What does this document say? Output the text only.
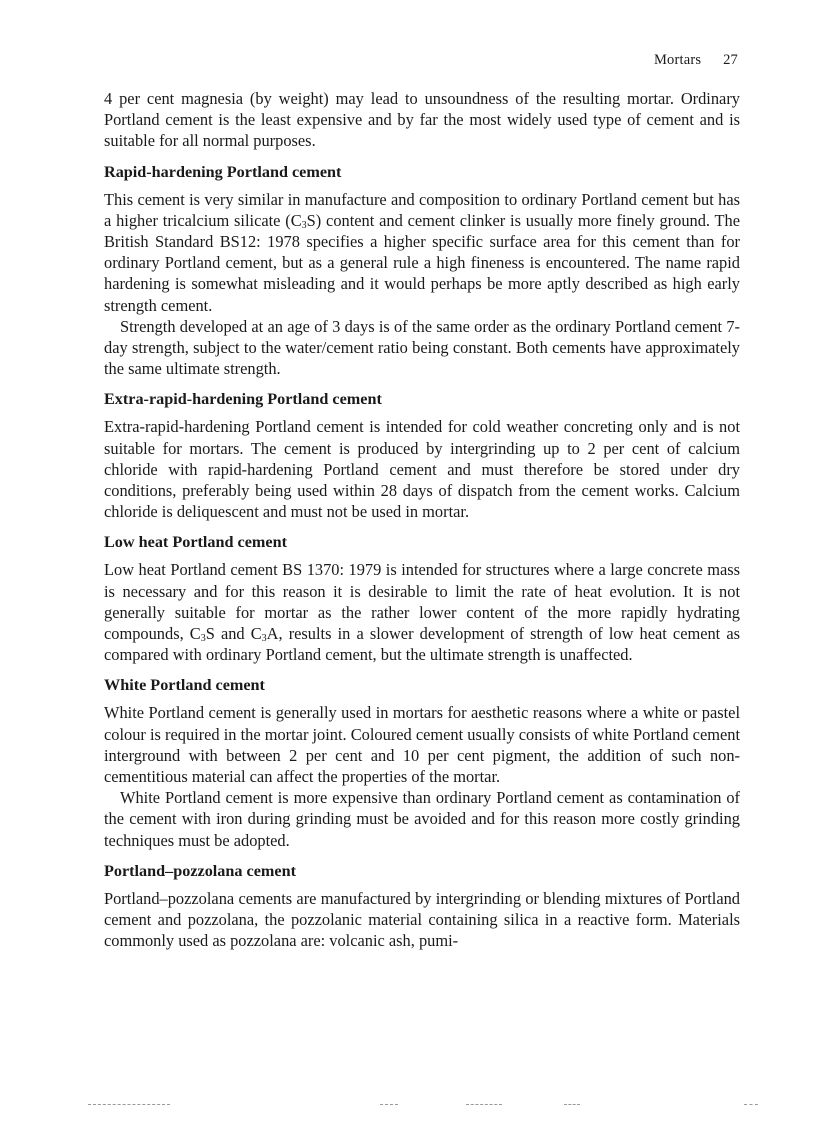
Mortars 27

4 per cent magnesia (by weight) may lead to unsoundness of the resulting mortar. Ordinary Portland cement is the least expensive and by far the most widely used type of cement and is suitable for all normal purposes.

Rapid-hardening Portland cement

This cement is very similar in manufacture and composition to ordinary Portland cement but has a higher tricalcium silicate $(C_3S)$ content and cement clinker is usually more finely ground. The British Standard BS12: 1978 specifies a higher specific surface area for this cement than for ordinary Portland cement, but as a general rule a high fineness is encountered. The name rapid hardening is somewhat misleading and it would perhaps be more aptly described as high early strength cement.

Strength developed at an age of 3 days is of the same order as the ordinary Portland cement 7-day strength, subject to the water/cement ratio being constant. Both cements have approximately the same ultimate strength.

Extra-rapid-hardening Portland cement

Extra-rapid-hardening Portland cement is intended for cold weather concreting only and is not suitable for mortars. The cement is produced by intergrinding up to 2 per cent of calcium chloride with rapid-hardening Portland cement and must therefore be stored under dry conditions, preferably being used within 28 days of dispatch from the cement works. Calcium chloride is deliquescent and must not be used in mortar.

Low heat Portland cement

Low heat Portland cement BS 1370: 1979 is intended for structures where a large concrete mass is necessary and for this reason it is desirable to limit the rate of heat evolution. It is not generally suitable for mortar as the rather lower content of the more rapidly hydrating compounds, $C_3S$ and $C_3A$, results in a slower development of strength of low heat cement as compared with ordinary Portland cement, but the ultimate strength is unaffected.

White Portland cement

White Portland cement is generally used in mortars for aesthetic reasons where a white or pastel colour is required in the mortar joint. Coloured cement usually consists of white Portland cement interground with between 2 per cent and 10 per cent pigment, the addition of such non-cementitious material can affect the properties of the mortar.

White Portland cement is more expensive than ordinary Portland cement as contamination of the cement with iron during grinding must be avoided and for this reason more costly grinding techniques must be adopted.

Portland–pozzolana cement

Portland–pozzolana cements are manufactured by intergrinding or blending mixtures of Portland cement and pozzolana, the pozzolanic material containing silica in a reactive form. Materials commonly used as pozzolana are: volcanic ash, pumi-
